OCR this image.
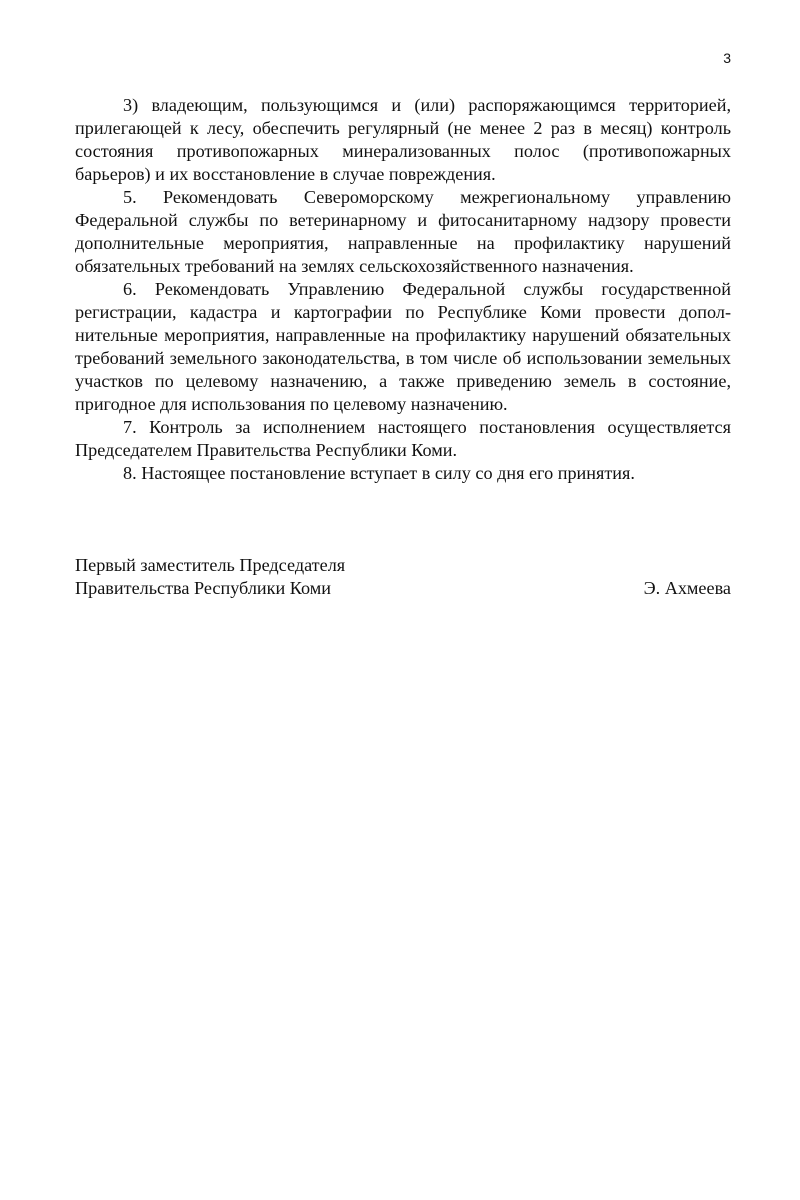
3

3) владеющим, пользующимся и (или) распоряжающимся территорией, прилегающей к лесу, обеспечить регулярный (не менее 2 раз в месяц) контроль состояния противопожарных минерализованных полос (противопожарных барьеров) и их восстановление в случае повреждения.

5. Рекомендовать Североморскому межрегиональному управлению Федеральной службы по ветеринарному и фитосанитарному надзору провести дополнительные мероприятия, направленные на профилактику нарушений обязательных требований на землях сельскохозяйственного назначения.

6. Рекомендовать Управлению Федеральной службы государственной регистрации, кадастра и картографии по Республике Коми провести дополнительные мероприятия, направленные на профилактику нарушений обязательных требований земельного законодательства, в том числе об использовании земельных участков по целевому назначению, а также приведению земель в состояние, пригодное для использования по целевому назначению.

7. Контроль за исполнением настоящего постановления осуществляется Председателем Правительства Республики Коми.

8. Настоящее постановление вступает в силу со дня его принятия.

Первый заместитель Председателя
Правительства Республики Коми	Э. Ахмеева
